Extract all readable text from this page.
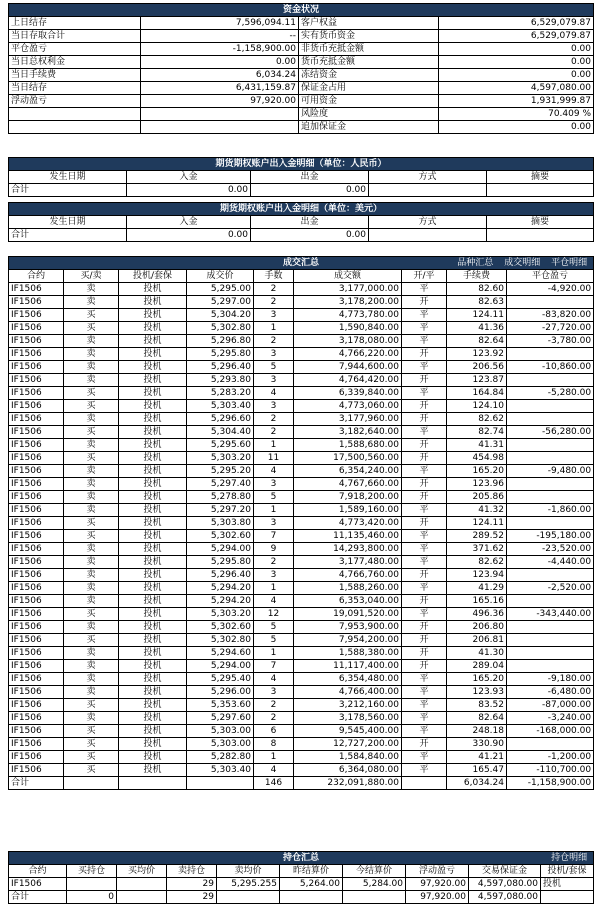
资金状况			
上日结存	7,596,094.11	客户权益	6,529,079.87
当日存取合计	--	实有货币资金	6,529,079.87
平仓盈亏	-1,158,900.00	非货币充抵金额	0.00
当日总权利金	0.00	货币充抵金额	0.00
当日手续费	6,034.24	冻结资金	0.00
当日结存	6,431,159.87	保证金占用	4,597,080.00
浮动盈亏	97,920.00	可用资金	1,931,999.87
		风险度	70.409 %
		追加保证金	0.00
期货期权账户出入金明细（单位：人民币）				
发生日期	入金	出金	方式	摘要
合计	0.00	0.00		
期货期权账户出入金明细（单位：美元）				
发生日期	入金	出金	方式	摘要
合计	0.00	0.00		
成交汇总 品种汇总 成交明细 平仓明细								

合约	买/卖	投机/套保	成交价	手数	成交额	开/平	手续费	平仓盈亏
IF1506	卖	投机	5,295.00	2	3,177,000.00	平	82.60	-4,920.00
IF1506	卖	投机	5,297.00	2	3,178,200.00	开	82.63	
IF1506	买	投机	5,304.20	3	4,773,780.00	平	124.11	-83,820.00
IF1506	买	投机	5,302.80	1	1,590,840.00	平	41.36	-27,720.00
IF1506	卖	投机	5,296.80	2	3,178,080.00	平	82.64	-3,780.00
IF1506	卖	投机	5,295.80	3	4,766,220.00	开	123.92	
IF1506	卖	投机	5,296.40	5	7,944,600.00	平	206.56	-10,860.00
IF1506	卖	投机	5,293.80	3	4,764,420.00	开	123.87	
IF1506	买	投机	5,283.20	4	6,339,840.00	平	164.84	-5,280.00
IF1506	买	投机	5,303.40	3	4,773,060.00	开	124.10	
IF1506	卖	投机	5,296.60	2	3,177,960.00	开	82.62	
IF1506	买	投机	5,304.40	2	3,182,640.00	平	82.74	-56,280.00
IF1506	卖	投机	5,295.60	1	1,588,680.00	开	41.31	
IF1506	买	投机	5,303.20	11	17,500,560.00	开	454.98	
IF1506	卖	投机	5,295.20	4	6,354,240.00	平	165.20	-9,480.00
IF1506	卖	投机	5,297.40	3	4,767,660.00	开	123.96	
IF1506	卖	投机	5,278.80	5	7,918,200.00	开	205.86	
IF1506	卖	投机	5,297.20	1	1,589,160.00	平	41.32	-1,860.00
IF1506	买	投机	5,303.80	3	4,773,420.00	开	124.11	
IF1506	买	投机	5,302.60	7	11,135,460.00	平	289.52	-195,180.00
IF1506	卖	投机	5,294.00	9	14,293,800.00	平	371.62	-23,520.00
IF1506	卖	投机	5,295.80	2	3,177,480.00	平	82.62	-4,440.00
IF1506	卖	投机	5,296.40	3	4,766,760.00	开	123.94	
IF1506	卖	投机	5,294.20	1	1,588,260.00	平	41.29	-2,520.00
IF1506	卖	投机	5,294.20	4	6,353,040.00	开	165.16	
IF1506	买	投机	5,303.20	12	19,091,520.00	平	496.36	-343,440.00
IF1506	卖	投机	5,302.60	5	7,953,900.00	开	206.80	
IF1506	买	投机	5,302.80	5	7,954,200.00	开	206.81	
IF1506	卖	投机	5,294.60	1	1,588,380.00	开	41.30	
IF1506	卖	投机	5,294.00	7	11,117,400.00	开	289.04	
IF1506	卖	投机	5,295.40	4	6,354,480.00	平	165.20	-9,180.00
IF1506	卖	投机	5,296.00	3	4,766,400.00	平	123.93	-6,480.00
IF1506	买	投机	5,353.60	2	3,212,160.00	平	83.52	-87,000.00
IF1506	卖	投机	5,297.60	2	3,178,560.00	平	82.64	-3,240.00
IF1506	买	投机	5,303.00	6	9,545,400.00	平	248.18	-168,000.00
IF1506	买	投机	5,303.00	8	12,727,200.00	开	330.90	
IF1506	买	投机	5,282.80	1	1,584,840.00	平	41.21	-1,200.00
IF1506	买	投机	5,303.40	4	6,364,080.00	平	165.47	-110,700.00
合计				146	232,091,880.00		6,034.24	-1,158,900.00
持仓汇总 持仓明细									

合约	买持仓	买均价	卖持仓	卖均价	昨结算价	今结算价	浮动盈亏	交易保证金	投机/套保
IF1506			29	5,295.255	5,264.00	5,284.00	97,920.00	4,597,080.00	投机
合计	0		29				97,920.00	4,597,080.00	
